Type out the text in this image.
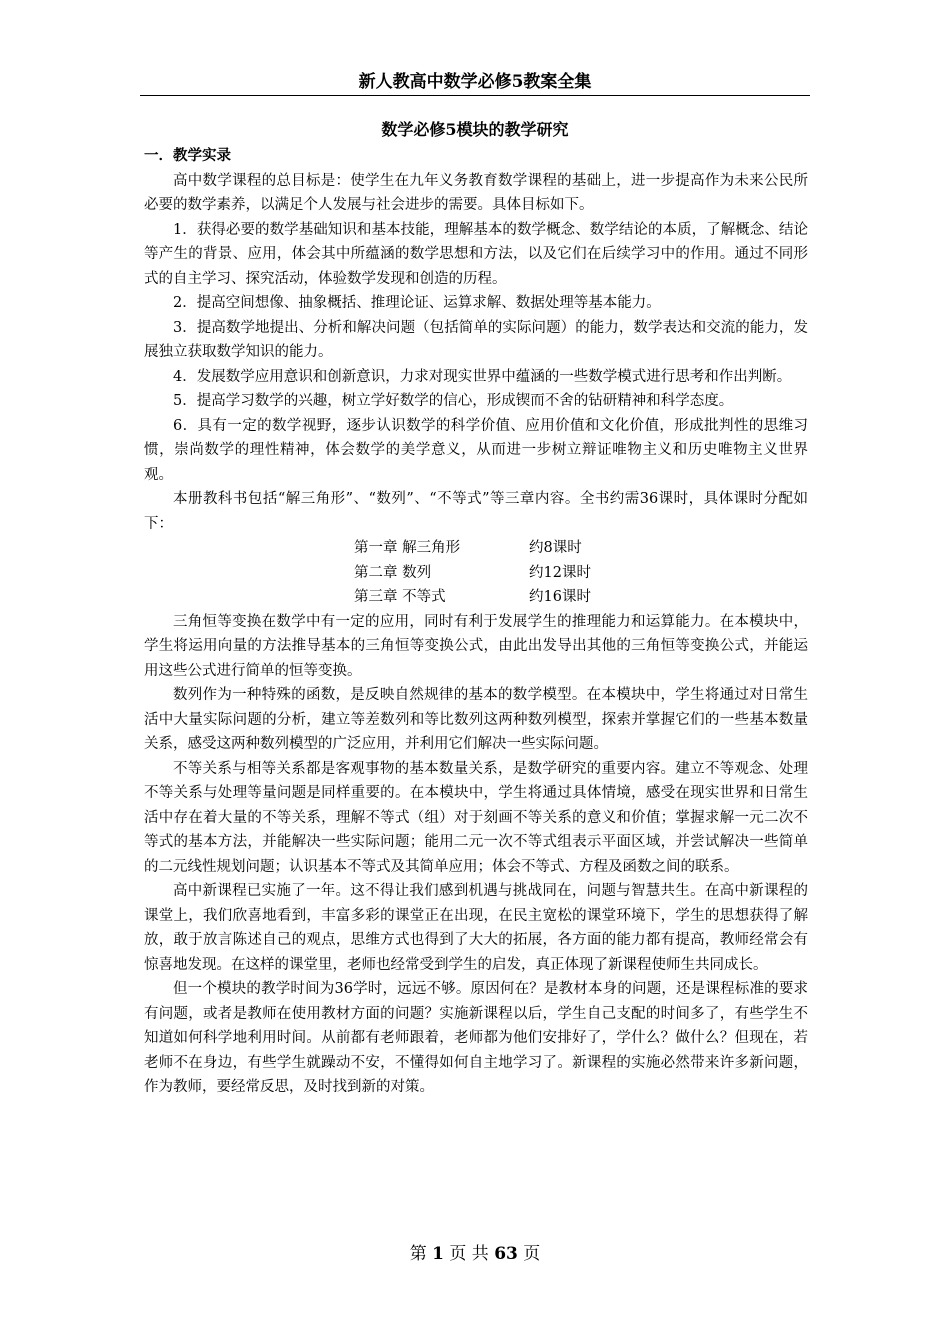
新人教高中数学必修5教案全集
数学必修5模块的教学研究

一．教学实录

高中数学课程的总目标是：使学生在九年义务教育数学课程的基础上，进一步提高作为未来公民所必要的数学素养，以满足个人发展与社会进步的需要。具体目标如下。

1．获得必要的数学基础知识和基本技能，理解基本的数学概念、数学结论的本质，了解概念、结论等产生的背景、应用，体会其中所蕴涵的数学思想和方法，以及它们在后续学习中的作用。通过不同形式的自主学习、探究活动，体验数学发现和创造的历程。

2．提高空间想像、抽象概括、推理论证、运算求解、数据处理等基本能力。

3．提高数学地提出、分析和解决问题（包括简单的实际问题）的能力，数学表达和交流的能力，发展独立获取数学知识的能力。

4．发展数学应用意识和创新意识，力求对现实世界中蕴涵的一些数学模式进行思考和作出判断。

5．提高学习数学的兴趣，树立学好数学的信心，形成锲而不舍的钻研精神和科学态度。

6．具有一定的数学视野，逐步认识数学的科学价值、应用价值和文化价值，形成批判性的思维习惯，崇尚数学的理性精神，体会数学的美学意义，从而进一步树立辩证唯物主义和历史唯物主义世界观。

本册教科书包括“解三角形”、“数列”、“不等式”等三章内容。全书约需36课时，具体课时分配如下：

第一章 解三角形	约8课时
第二章 数列	约12课时
第三章 不等式	约16课时

三角恒等变换在数学中有一定的应用，同时有利于发展学生的推理能力和运算能力。在本模块中，学生将运用向量的方法推导基本的三角恒等变换公式，由此出发导出其他的三角恒等变换公式，并能运用这些公式进行简单的恒等变换。

数列作为一种特殊的函数，是反映自然规律的基本的数学模型。在本模块中，学生将通过对日常生活中大量实际问题的分析，建立等差数列和等比数列这两种数列模型，探索并掌握它们的一些基本数量关系，感受这两种数列模型的广泛应用，并利用它们解决一些实际问题。

不等关系与相等关系都是客观事物的基本数量关系，是数学研究的重要内容。建立不等观念、处理不等关系与处理等量问题是同样重要的。在本模块中，学生将通过具体情境，感受在现实世界和日常生活中存在着大量的不等关系，理解不等式（组）对于刻画不等关系的意义和价值；掌握求解一元二次不等式的基本方法，并能解决一些实际问题；能用二元一次不等式组表示平面区域，并尝试解决一些简单的二元线性规划问题；认识基本不等式及其简单应用；体会不等式、方程及函数之间的联系。

高中新课程已实施了一年。这不得让我们感到机遇与挑战同在，问题与智慧共生。在高中新课程的课堂上，我们欣喜地看到，丰富多彩的课堂正在出现，在民主宽松的课堂环境下，学生的思想获得了解放，敢于放言陈述自己的观点，思维方式也得到了大大的拓展，各方面的能力都有提高，教师经常会有惊喜地发现。在这样的课堂里，老师也经常受到学生的启发，真正体现了新课程使师生共同成长。

但一个模块的教学时间为36学时，远远不够。原因何在？是教材本身的问题，还是课程标准的要求有问题，或者是教师在使用教材方面的问题？实施新课程以后，学生自己支配的时间多了，有些学生不知道如何科学地利用时间。从前都有老师跟着，老师都为他们安排好了，学什么？做什么？但现在，若老师不在身边，有些学生就躁动不安，不懂得如何自主地学习了。新课程的实施必然带来许多新问题，作为教师，要经常反思，及时找到新的对策。

第 1 页 共 63 页
